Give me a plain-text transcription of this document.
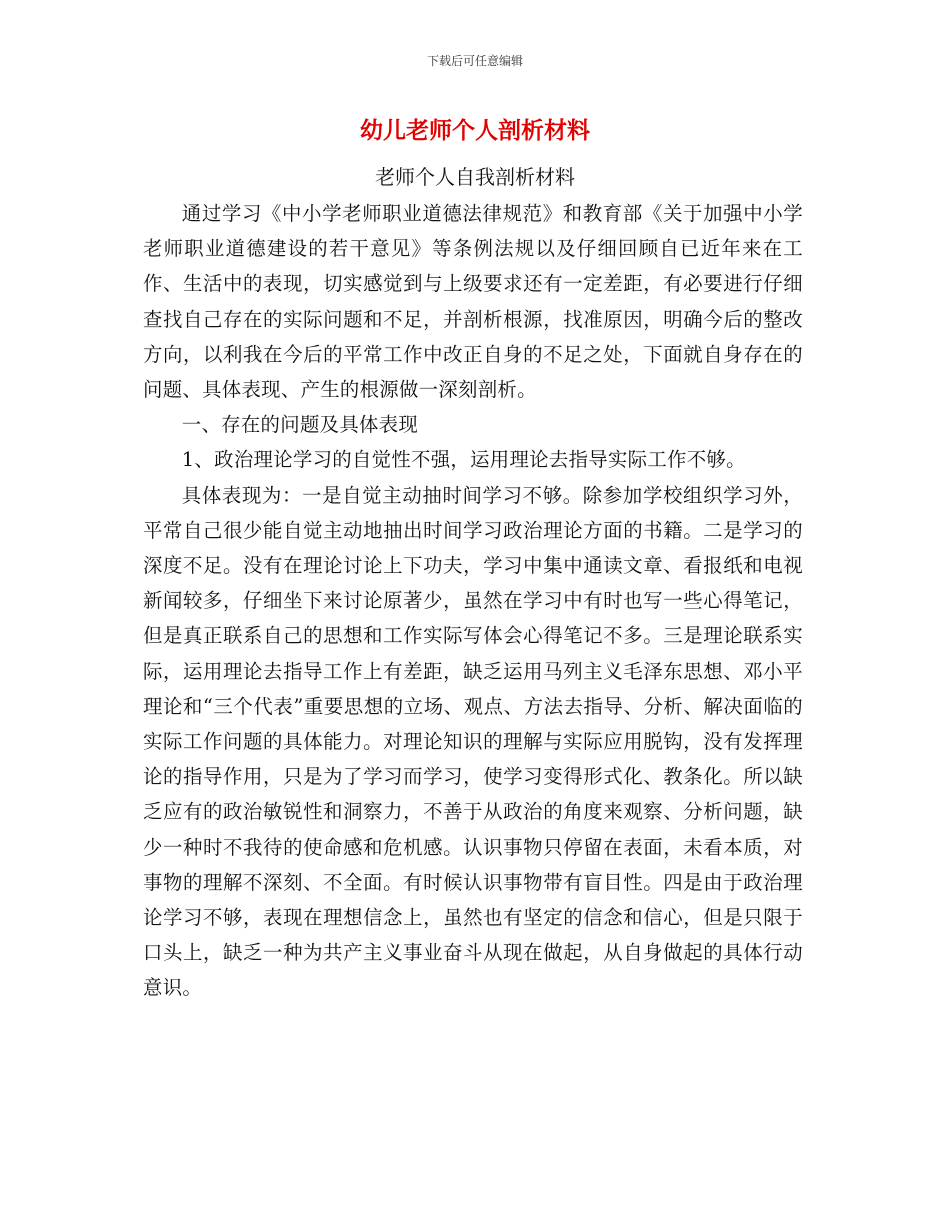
下载后可任意编辑
幼儿老师个人剖析材料
老师个人自我剖析材料

通过学习《中小学老师职业道德法律规范》和教育部《关于加强中小学老师职业道德建设的若干意见》等条例法规以及仔细回顾自已近年来在工作、生活中的表现，切实感觉到与上级要求还有一定差距，有必要进行仔细查找自己存在的实际问题和不足，并剖析根源，找准原因，明确今后的整改方向，以利我在今后的平常工作中改正自身的不足之处，下面就自身存在的问题、具体表现、产生的根源做一深刻剖析。

一、存在的问题及具体表现

1、政治理论学习的自觉性不强，运用理论去指导实际工作不够。

具体表现为：一是自觉主动抽时间学习不够。除参加学校组织学习外，平常自己很少能自觉主动地抽出时间学习政治理论方面的书籍。二是学习的深度不足。没有在理论讨论上下功夫，学习中集中通读文章、看报纸和电视新闻较多，仔细坐下来讨论原著少，虽然在学习中有时也写一些心得笔记，但是真正联系自己的思想和工作实际写体会心得笔记不多。三是理论联系实际，运用理论去指导工作上有差距，缺乏运用马列主义毛泽东思想、邓小平理论和“三个代表”重要思想的立场、观点、方法去指导、分析、解决面临的实际工作问题的具体能力。对理论知识的理解与实际应用脱钩，没有发挥理论的指导作用，只是为了学习而学习，使学习变得形式化、教条化。所以缺乏应有的政治敏锐性和洞察力，不善于从政治的角度来观察、分析问题，缺少一种时不我待的使命感和危机感。认识事物只停留在表面，未看本质，对事物的理解不深刻、不全面。有时候认识事物带有盲目性。四是由于政治理论学习不够，表现在理想信念上，虽然也有坚定的信念和信心，但是只限于口头上，缺乏一种为共产主义事业奋斗从现在做起，从自身做起的具体行动意识。
